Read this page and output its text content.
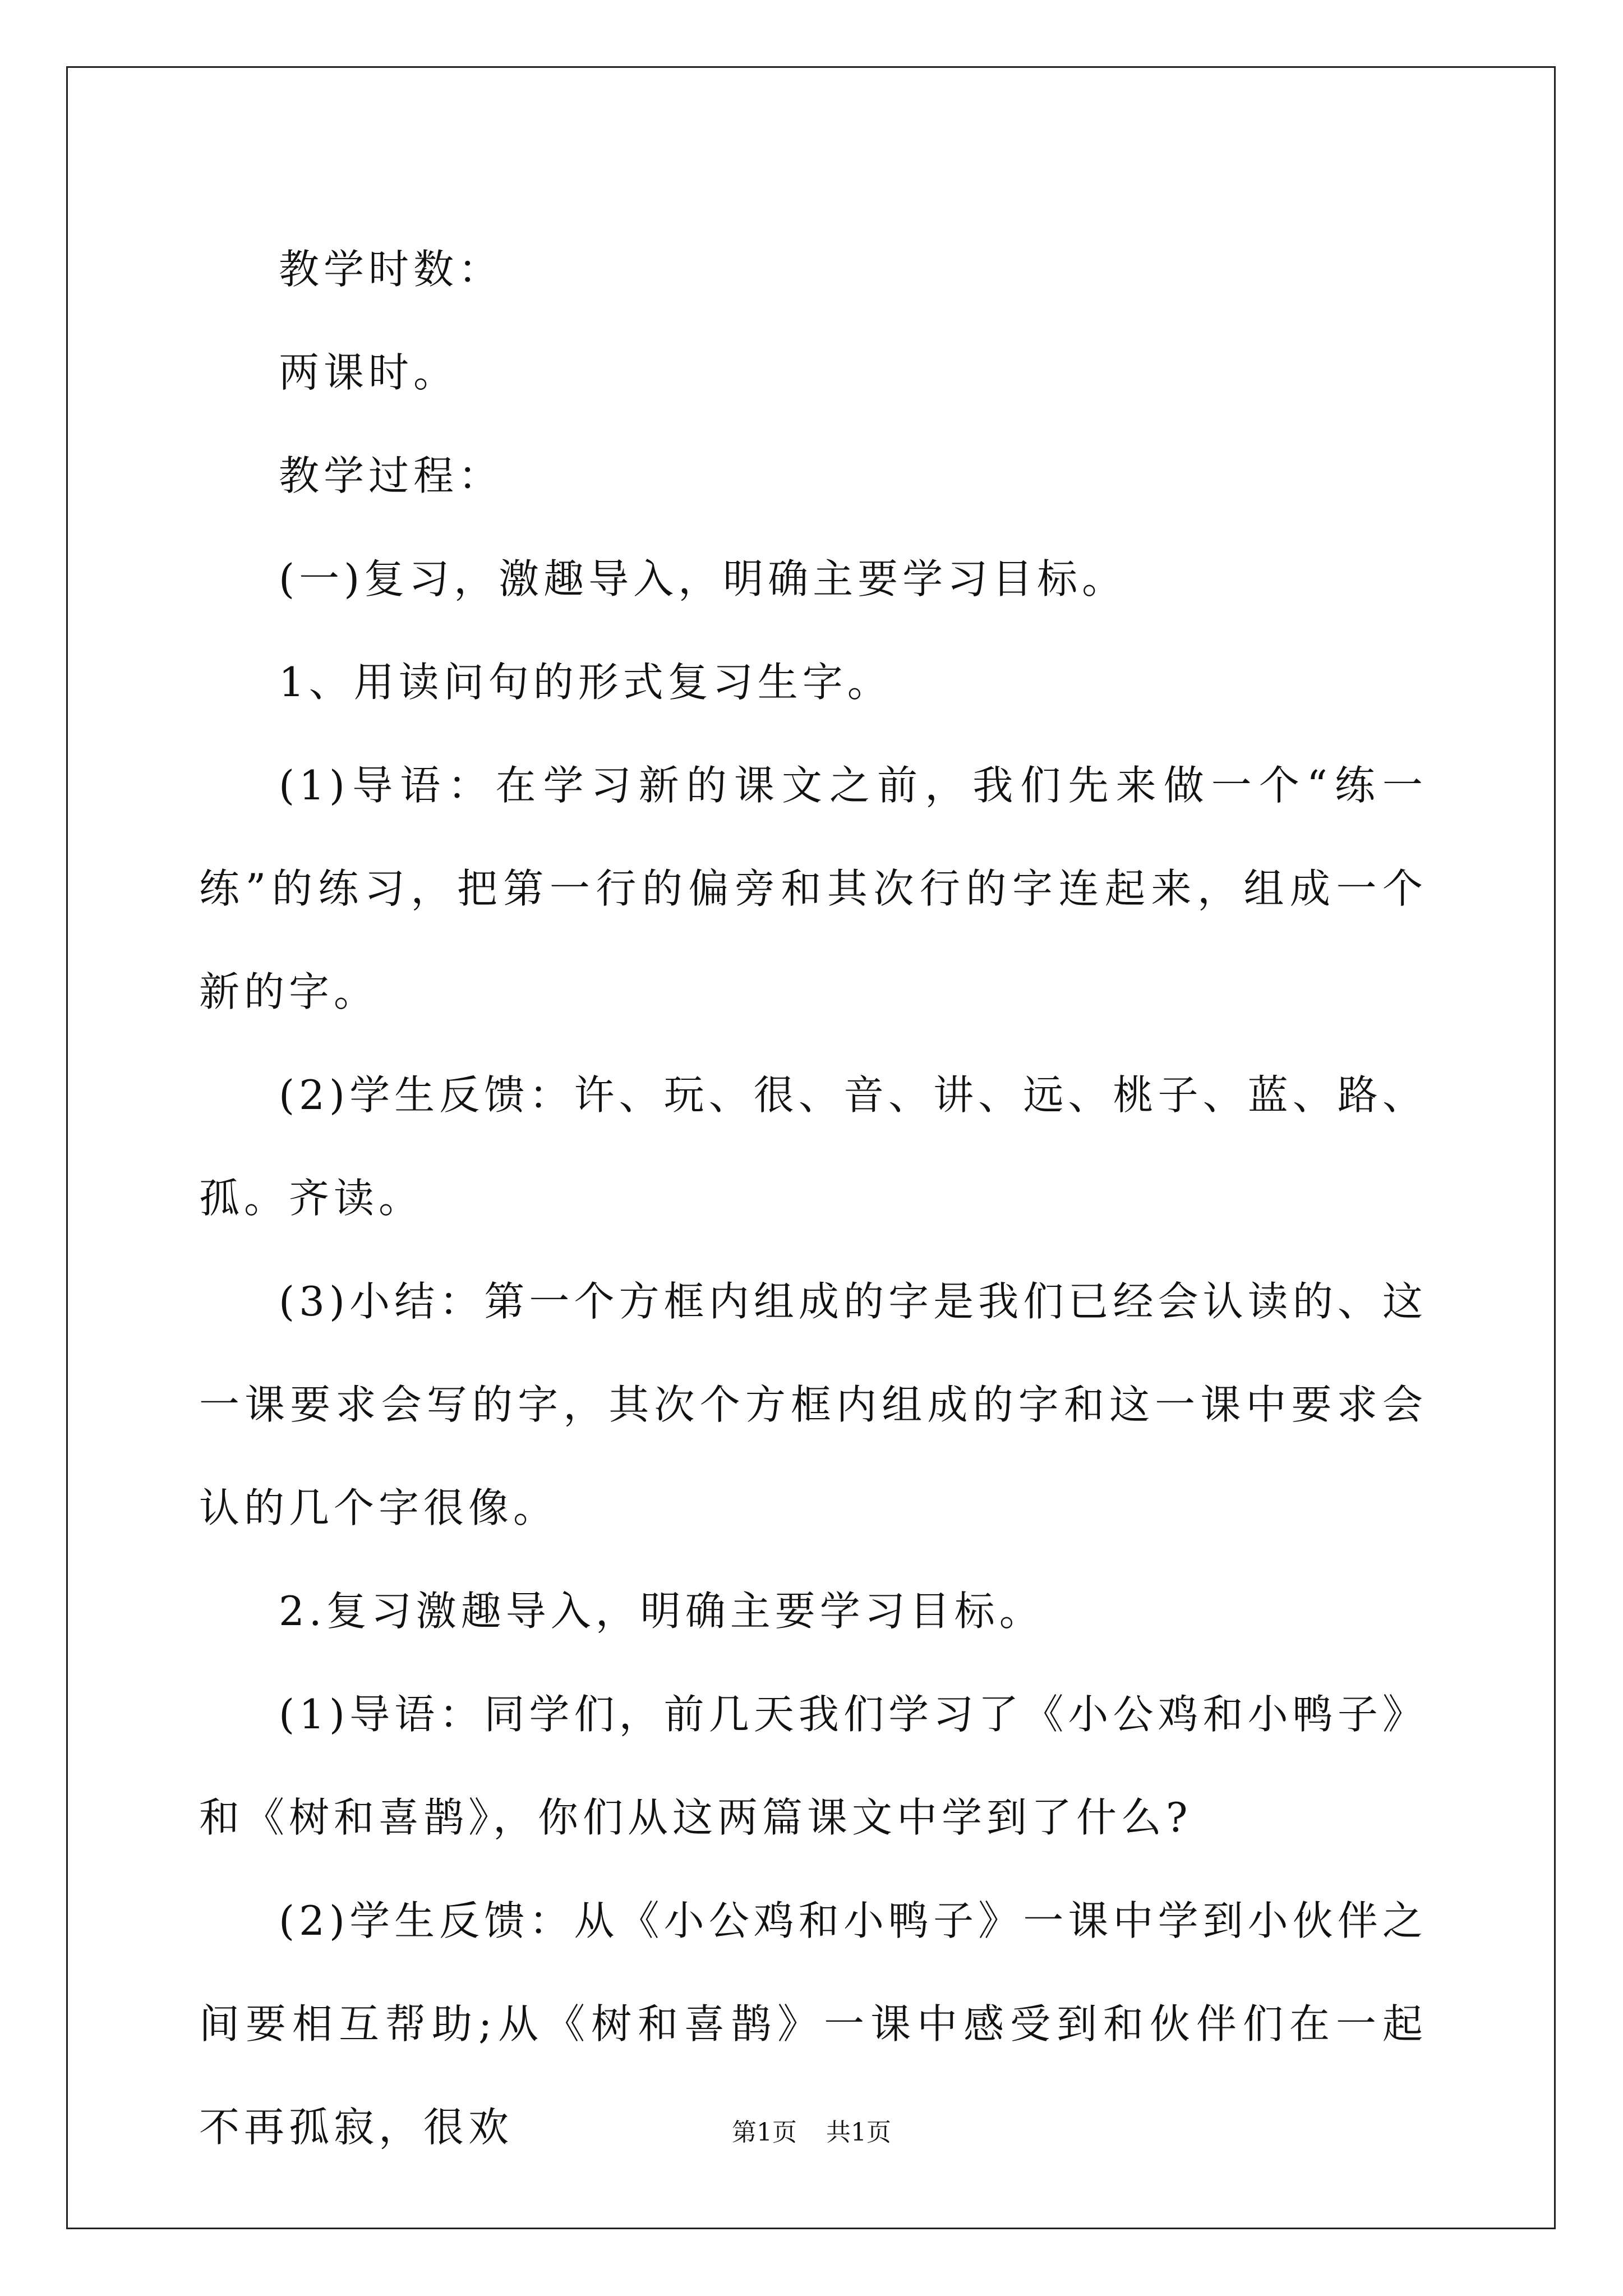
教学时数：

两课时。

教学过程：

(一)复习，激趣导入，明确主要学习目标。

1、用读问句的形式复习生字。

(1)导语：在学习新的课文之前，我们先来做一个“练一练”的练习，把第一行的偏旁和其次行的字连起来，组成一个新的字。

(2)学生反馈：许、玩、很、音、讲、远、桃子、蓝、路、孤。齐读。

(3)小结：第一个方框内组成的字是我们已经会认读的、这一课要求会写的字，其次个方框内组成的字和这一课中要求会认的几个字很像。

2.复习激趣导入，明确主要学习目标。

(1)导语：同学们，前几天我们学习了《小公鸡和小鸭子》和《树和喜鹊》，你们从这两篇课文中学到了什么?

(2)学生反馈：从《小公鸡和小鸭子》一课中学到小伙伴之间要相互帮助;从《树和喜鹊》一课中感受到和伙伴们在一起不再孤寂，很欢	第1页 共1页
